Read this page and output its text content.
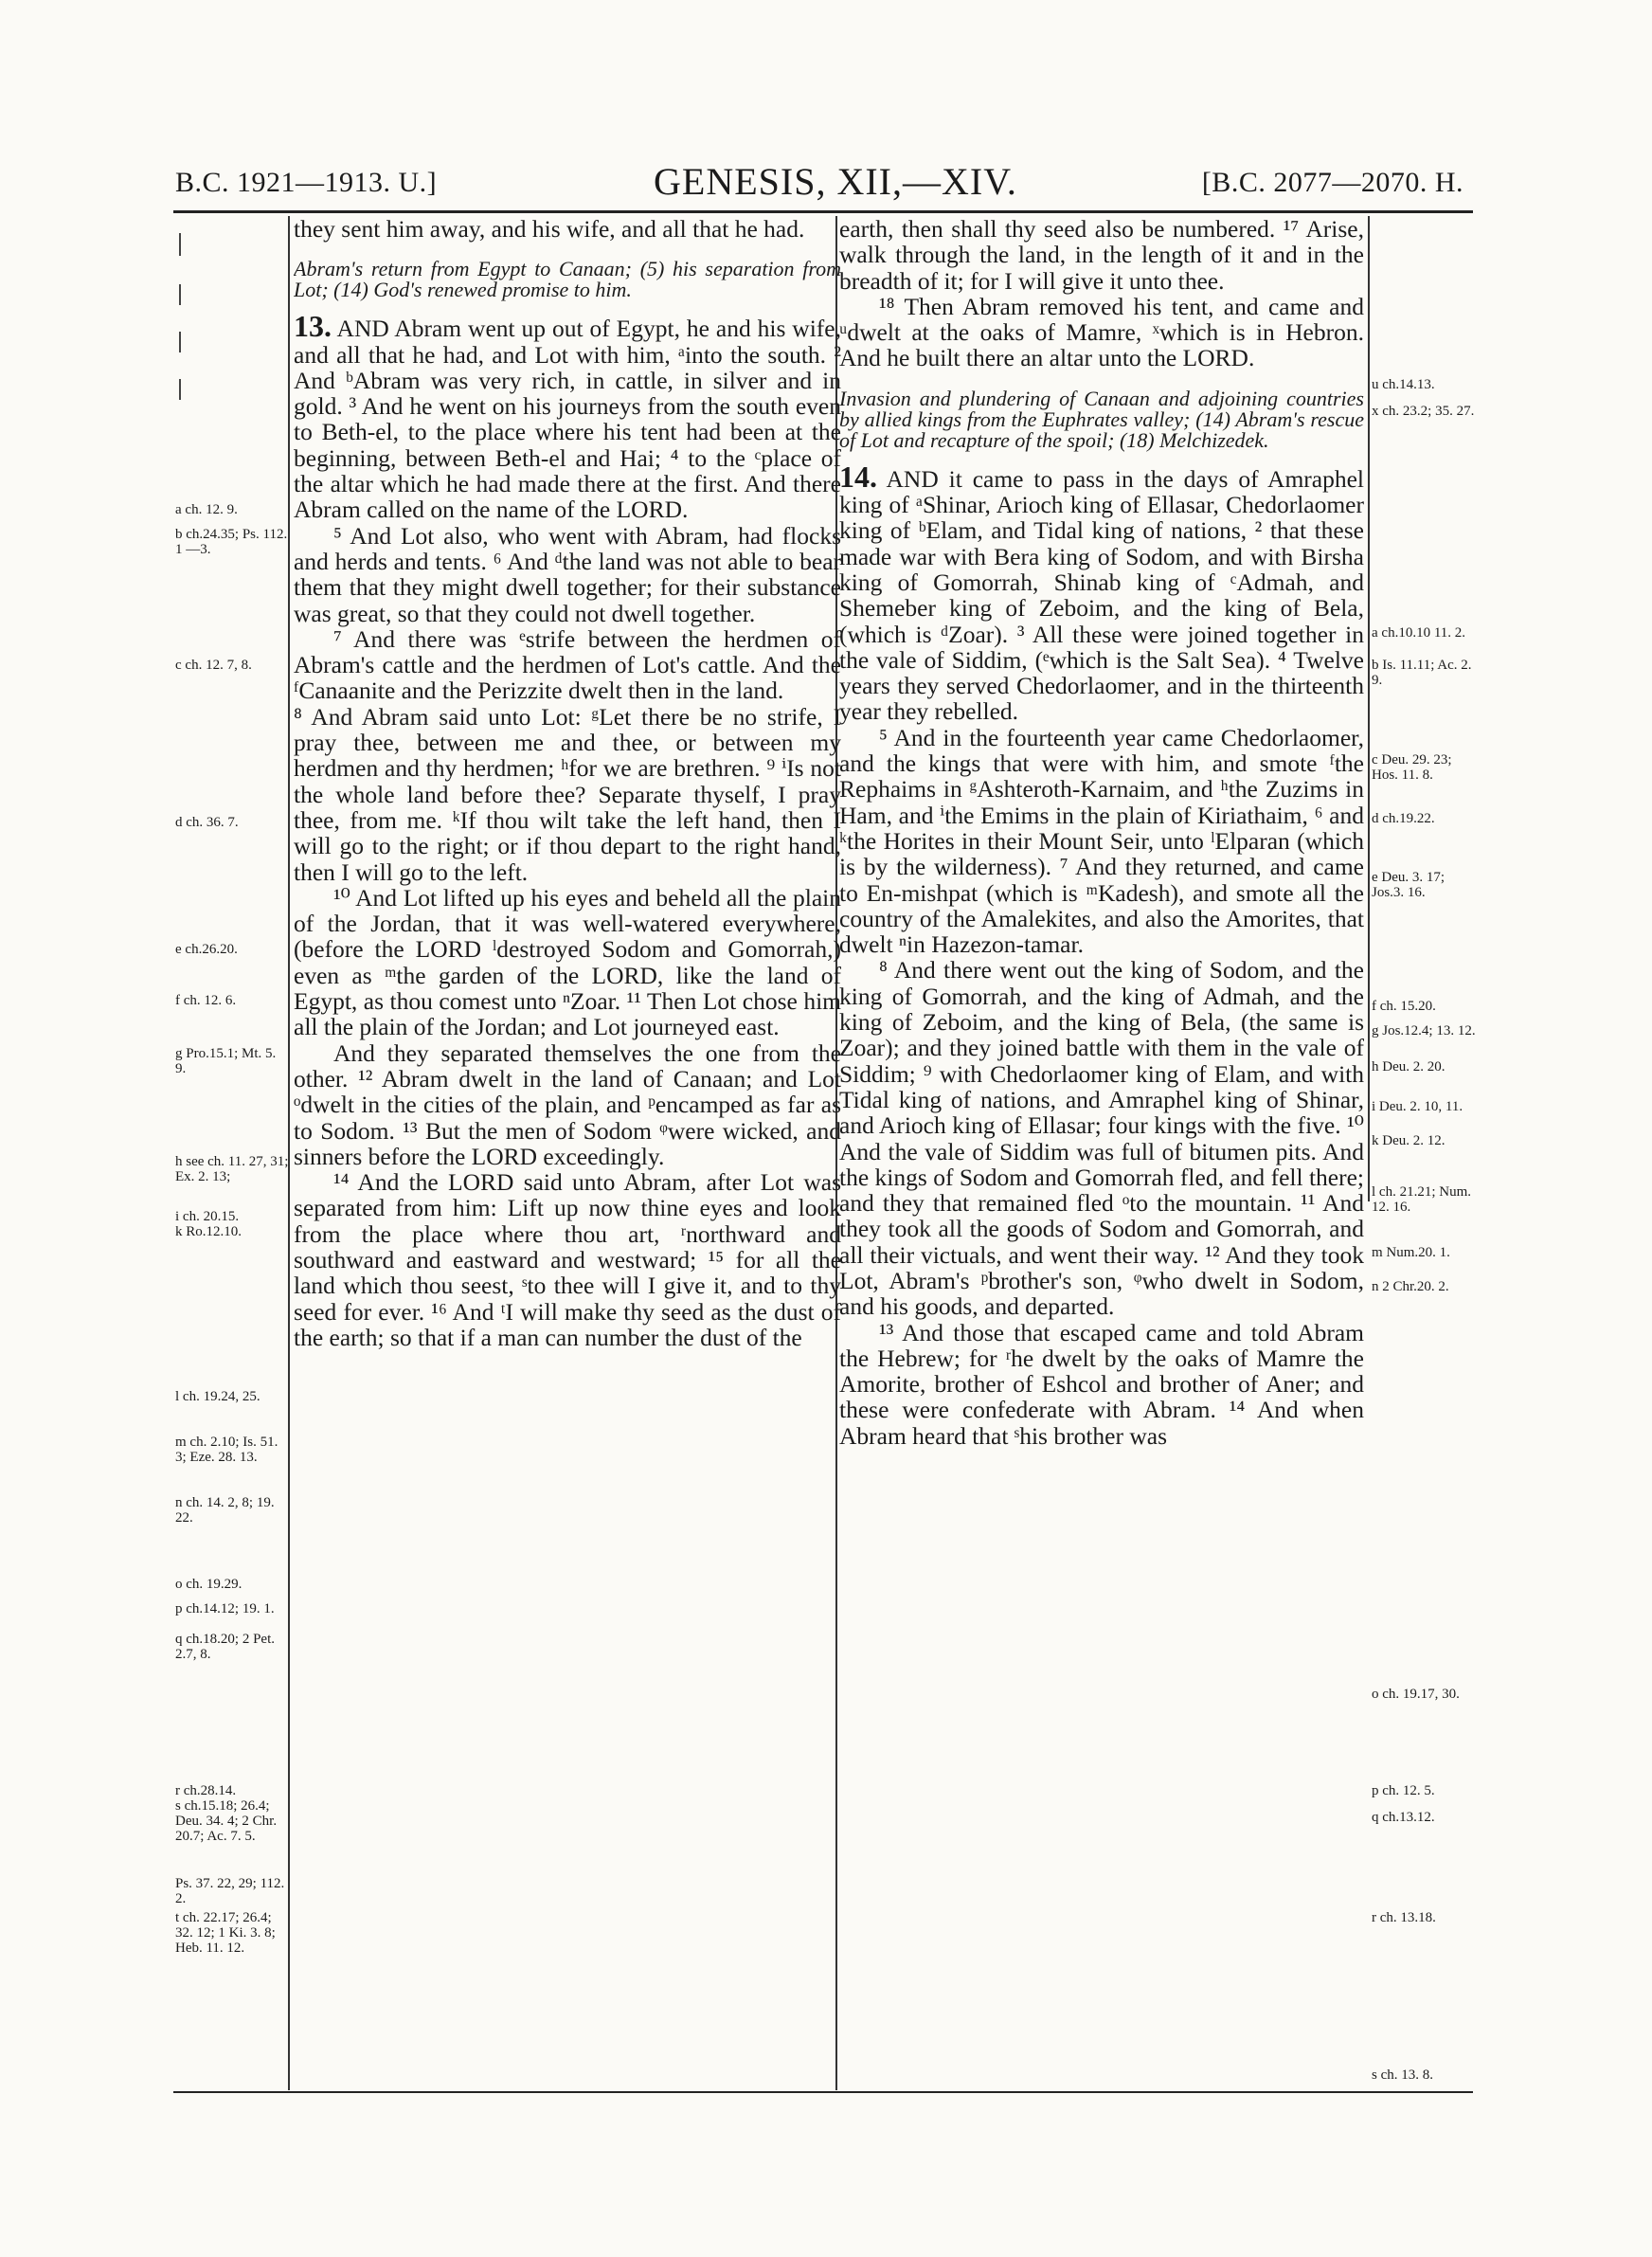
B.C. 1921—1913. U.]	GENESIS, XII,—XIV.	[B.C. 2077—2070. H.

they sent him away, and his wife, and all that he had.

Abram's return from Egypt to Canaan; (5) his separation from Lot; (14) God's renewed promise to him.

13. AND Abram went up out of Egypt, he and his wife, and all that he had, and Lot with him, ᵃinto the south. ² And ᵇAbram was very rich, in cattle, in silver and in gold. ³ And he went on his journeys from the south even to Beth-el, to the place where his tent had been at the beginning, between Beth-el and Hai; ⁴ to the ᶜplace of the altar which he had made there at the first. And there Abram called on the name of the LORD.

⁵ And Lot also, who went with Abram, had flocks and herds and tents. ⁶ And ᵈthe land was not able to bear them that they might dwell together; for their substance was great, so that they could not dwell together.

⁷ And there was ᵉstrife between the herdmen of Abram's cattle and the herdmen of Lot's cattle. And the ᶠCanaanite and the Perizzite dwelt then in the land.

⁸ And Abram said unto Lot: ᵍLet there be no strife, I pray thee, between me and thee, or between my herdmen and thy herdmen; ʰfor we are brethren. ⁹ ⁱIs not the whole land before thee? Separate thyself, I pray thee, from me. ᵏIf thou wilt take the left hand, then I will go to the right; or if thou depart to the right hand, then I will go to the left.

¹⁰ And Lot lifted up his eyes and beheld all the plain of the Jordan, that it was well-watered everywhere, (before the LORD ˡdestroyed Sodom and Gomorrah,) even as ᵐthe garden of the LORD, like the land of Egypt, as thou comest unto ⁿZoar. ¹¹ Then Lot chose him all the plain of the Jordan; and Lot journeyed east.

And they separated themselves the one from the other. ¹² Abram dwelt in the land of Canaan; and Lot ᵒdwelt in the cities of the plain, and ᵖencamped as far as to Sodom. ¹³ But the men of Sodom ᵠwere wicked, and sinners before the LORD exceedingly.

¹⁴ And the LORD said unto Abram, after Lot was separated from him: Lift up now thine eyes and look from the place where thou art, ʳnorthward and southward and eastward and westward; ¹⁵ for all the land which thou seest, ˢto thee will I give it, and to thy seed for ever. ¹⁶ And ᵗI will make thy seed as the dust of the earth; so that if a man can number the dust of the

earth, then shall thy seed also be numbered. ¹⁷ Arise, walk through the land, in the length of it and in the breadth of it; for I will give it unto thee.

¹⁸ Then Abram removed his tent, and came and ᵘdwelt at the oaks of Mamre, ˣwhich is in Hebron. And he built there an altar unto the LORD.

Invasion and plundering of Canaan and adjoining countries by allied kings from the Euphrates valley; (14) Abram's rescue of Lot and recapture of the spoil; (18) Melchizedek.

14. AND it came to pass in the days of Amraphel king of ᵃShinar, Arioch king of Ellasar, Chedorlaomer king of ᵇElam, and Tidal king of nations, ² that these made war with Bera king of Sodom, and with Birsha king of Gomorrah, Shinab king of ᶜAdmah, and Shemeber king of Zeboim, and the king of Bela, (which is ᵈZoar). ³ All these were joined together in the vale of Siddim, (ᵉwhich is the Salt Sea). ⁴ Twelve years they served Chedorlaomer, and in the thirteenth year they rebelled.

⁵ And in the fourteenth year came Chedorlaomer, and the kings that were with him, and smote ᶠthe Rephaims in ᵍAshteroth-Karnaim, and ʰthe Zuzims in Ham, and ⁱthe Emims in the plain of Kiriathaim, ⁶ and ᵏthe Horites in their Mount Seir, unto ˡElparan (which is by the wilderness). ⁷ And they returned, and came to En-mishpat (which is ᵐKadesh), and smote all the country of the Amalekites, and also the Amorites, that dwelt ⁿin Hazezon-tamar.

⁸ And there went out the king of Sodom, and the king of Gomorrah, and the king of Admah, and the king of Zeboim, and the king of Bela, (the same is Zoar); and they joined battle with them in the vale of Siddim; ⁹ with Chedorlaomer king of Elam, and with Tidal king of nations, and Amraphel king of Shinar, and Arioch king of Ellasar; four kings with the five. ¹⁰ And the vale of Siddim was full of bitumen pits. And the kings of Sodom and Gomorrah fled, and fell there; and they that remained fled ᵒto the mountain. ¹¹ And they took all the goods of Sodom and Gomorrah, and all their victuals, and went their way. ¹² And they took Lot, Abram's ᵖbrother's son, ᵠwho dwelt in Sodom, and his goods, and departed.

¹³ And those that escaped came and told Abram the Hebrew; for ʳhe dwelt by the oaks of Mamre the Amorite, brother of Eshcol and brother of Aner; and these were confederate with Abram. ¹⁴ And when Abram heard that ˢhis brother was

a ch. 12. 9.
b ch.24.35; Ps. 112. 1 —3.
c ch. 12. 7, 8.
d ch. 36. 7.
e ch.26.20.
f ch. 12. 6.
g Pro.15.1; Mt. 5. 9.
h see ch. 11. 27, 31; Ex. 2. 13;
i ch. 20.15.
k Ro.12.10.
l ch. 19.24, 25.
m ch. 2.10; Is. 51. 3; Eze. 28. 13.
n ch. 14. 2, 8; 19. 22.
o ch. 19.29.
p ch.14.12; 19. 1.
q ch.18.20; 2 Pet. 2.7, 8.
r ch.28.14.
s ch.15.18; 26.4; Deu. 34. 4; 2 Chr. 20.7; Ac. 7. 5.
Ps. 37. 22, 29; 112. 2.
t ch. 22.17; 26.4; 32. 12; 1 Ki. 3. 8; Heb. 11. 12.
u ch.14.13.
x ch. 23.2; 35. 27.
a ch.10.10 11. 2.
b Is. 11.11; Ac. 2. 9.
c Deu. 29. 23; Hos. 11. 8.
d ch.19.22.
e Deu. 3. 17; Jos.3. 16.
f ch. 15.20.
g Jos.12.4; 13. 12.
h Deu. 2. 20.
i Deu. 2. 10, 11.
k Deu. 2. 12.
l ch. 21.21; Num. 12. 16.
m Num.20. 1.
n 2 Chr.20. 2.
o ch. 19.17, 30.
p ch. 12. 5.
q ch.13.12.
r ch. 13.18.
s ch. 13. 8.
